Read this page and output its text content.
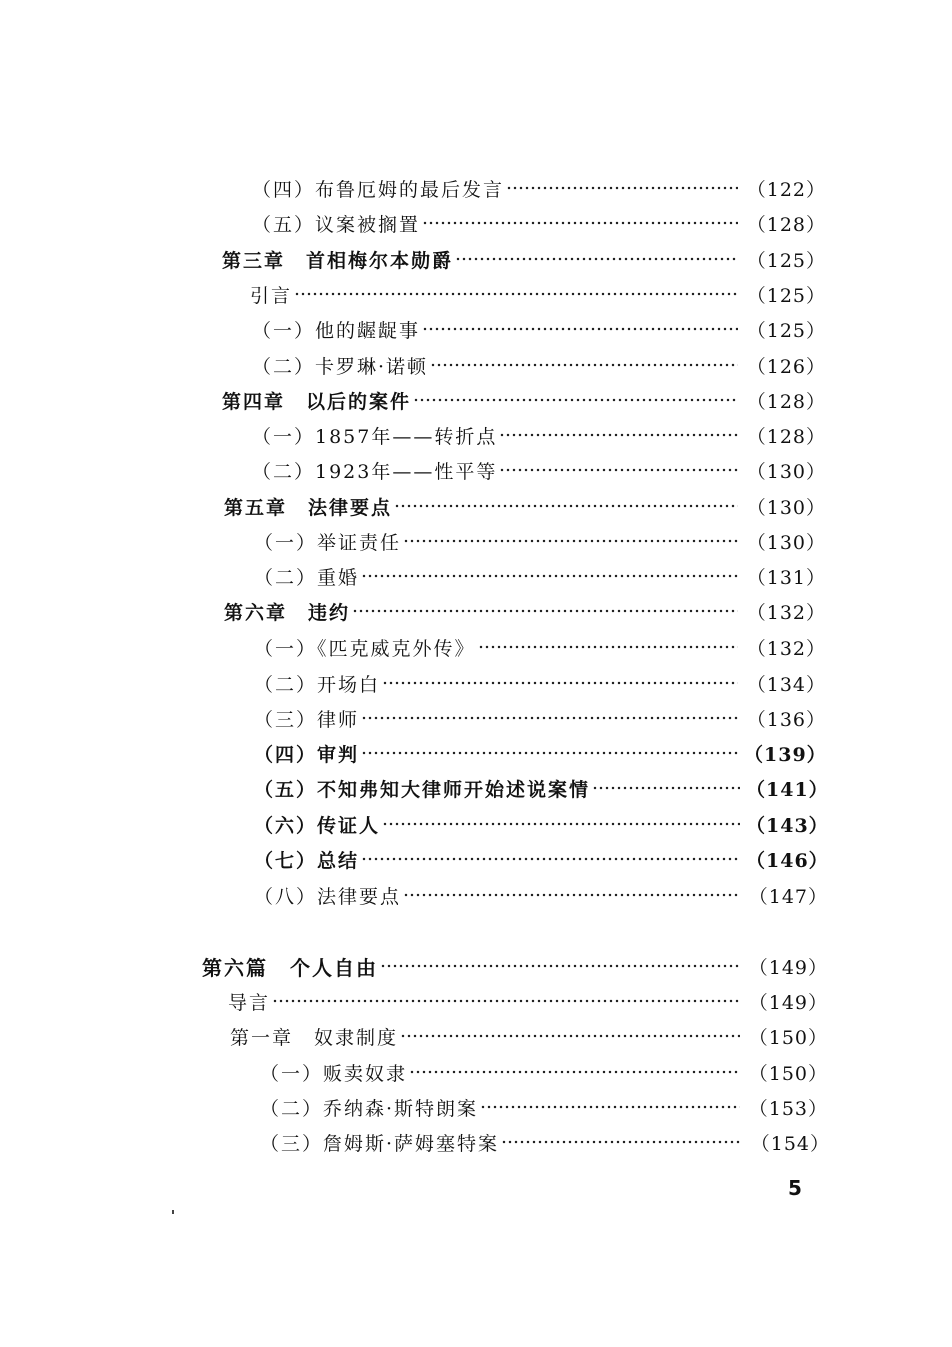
（四）布鲁厄姆的最后发言	（122）
（五）议案被搁置	（128）
第三章　首相梅尔本勋爵	（125）
引言	（125）
（一）他的龌龊事	（125）
（二）卡罗琳·诺顿	（126）
第四章　以后的案件	（128）
（一）1857年——转折点	（128）
（二）1923年——性平等	（130）
第五章　法律要点	（130）
（一）举证责任	（130）
（二）重婚	（131）
第六章　违约	（132）
（一）《匹克威克外传》	（132）
（二）开场白	（134）
（三）律师	（136）
（四）审判	（139）
（五）不知弗知大律师开始述说案情	（141）
（六）传证人	（143）
（七）总结	（146）
（八）法律要点	（147）
第六篇　个人自由	（149）
导言	（149）
第一章　奴隶制度	（150）
（一）贩卖奴隶	（150）
（二）乔纳森·斯特朗案	（153）
（三）詹姆斯·萨姆塞特案	（154）
5
